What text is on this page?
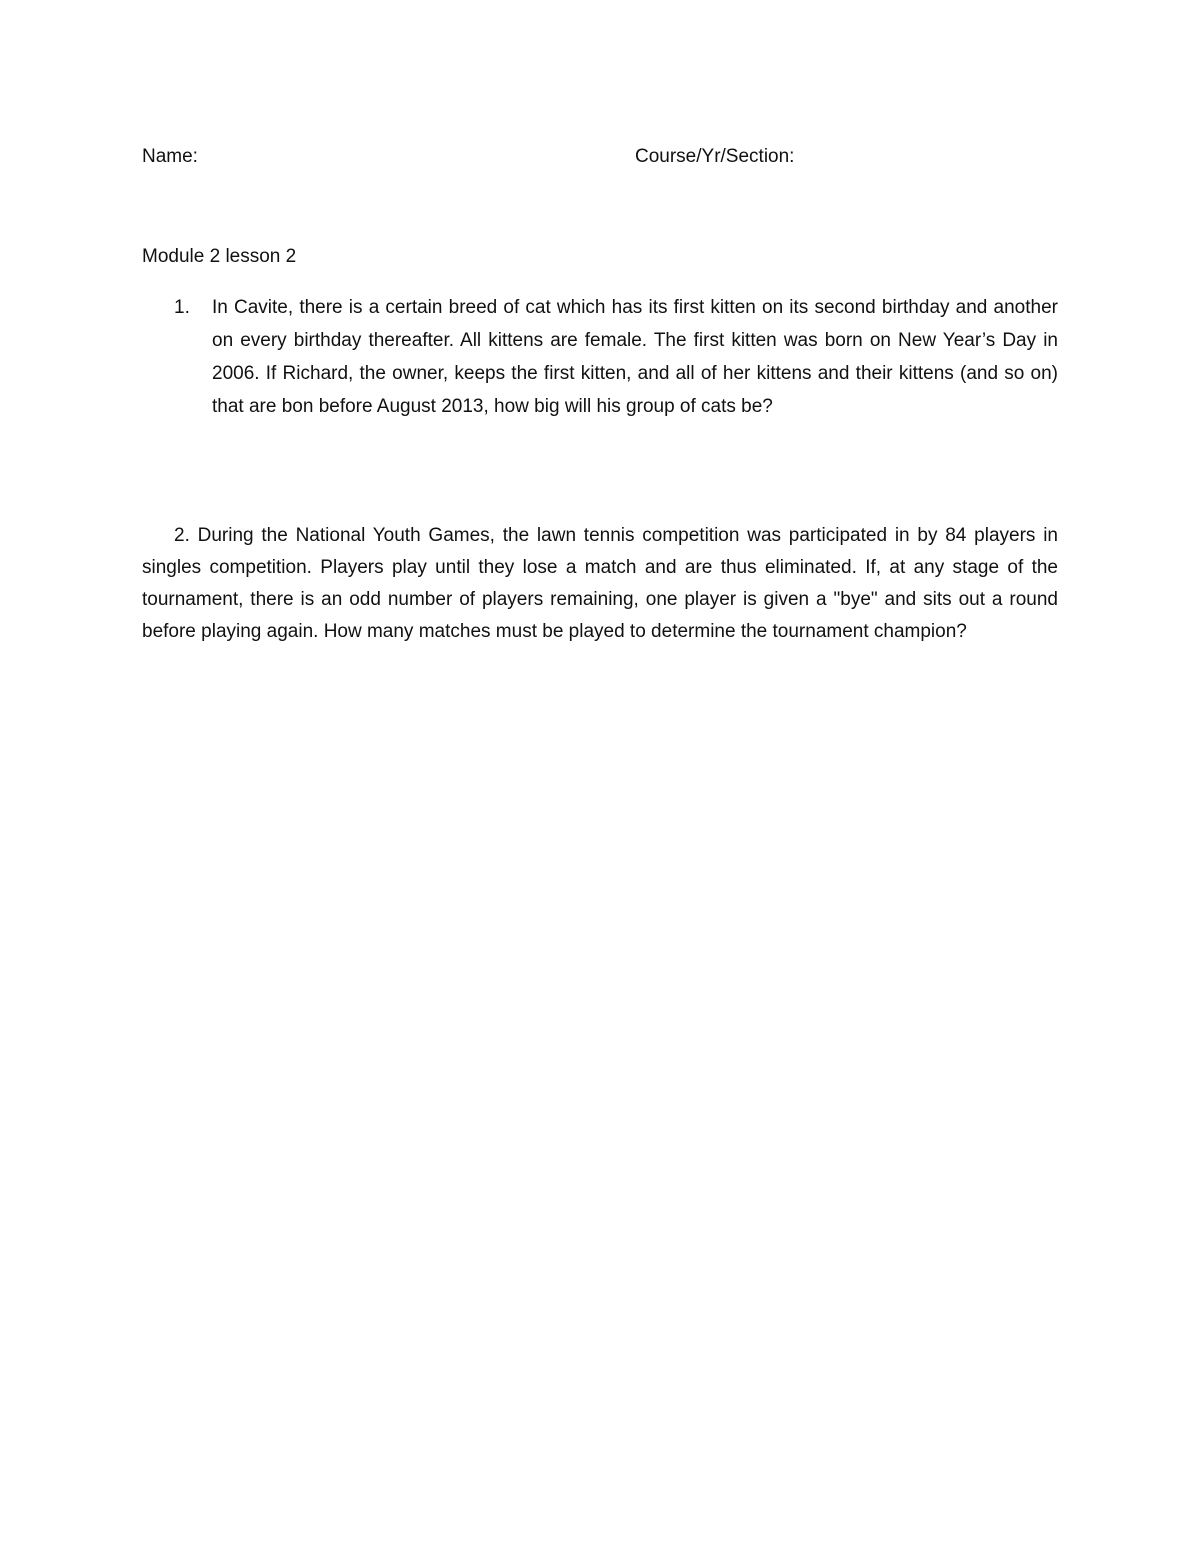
Name:	Course/Yr/Section:
Module 2 lesson 2
1. In Cavite, there is a certain breed of cat which has its first kitten on its second birthday and another on every birthday thereafter. All kittens are female. The first kitten was born on New Year’s Day in 2006. If Richard, the owner, keeps the first kitten, and all of her kittens and their kittens (and so on) that are bon before August 2013, how big will his group of cats be?
2. During the National Youth Games, the lawn tennis competition was participated in by 84 players in singles competition. Players play until they lose a match and are thus eliminated. If, at any stage of the tournament, there is an odd number of players remaining, one player is given a "bye" and sits out a round before playing again. How many matches must be played to determine the tournament champion?
